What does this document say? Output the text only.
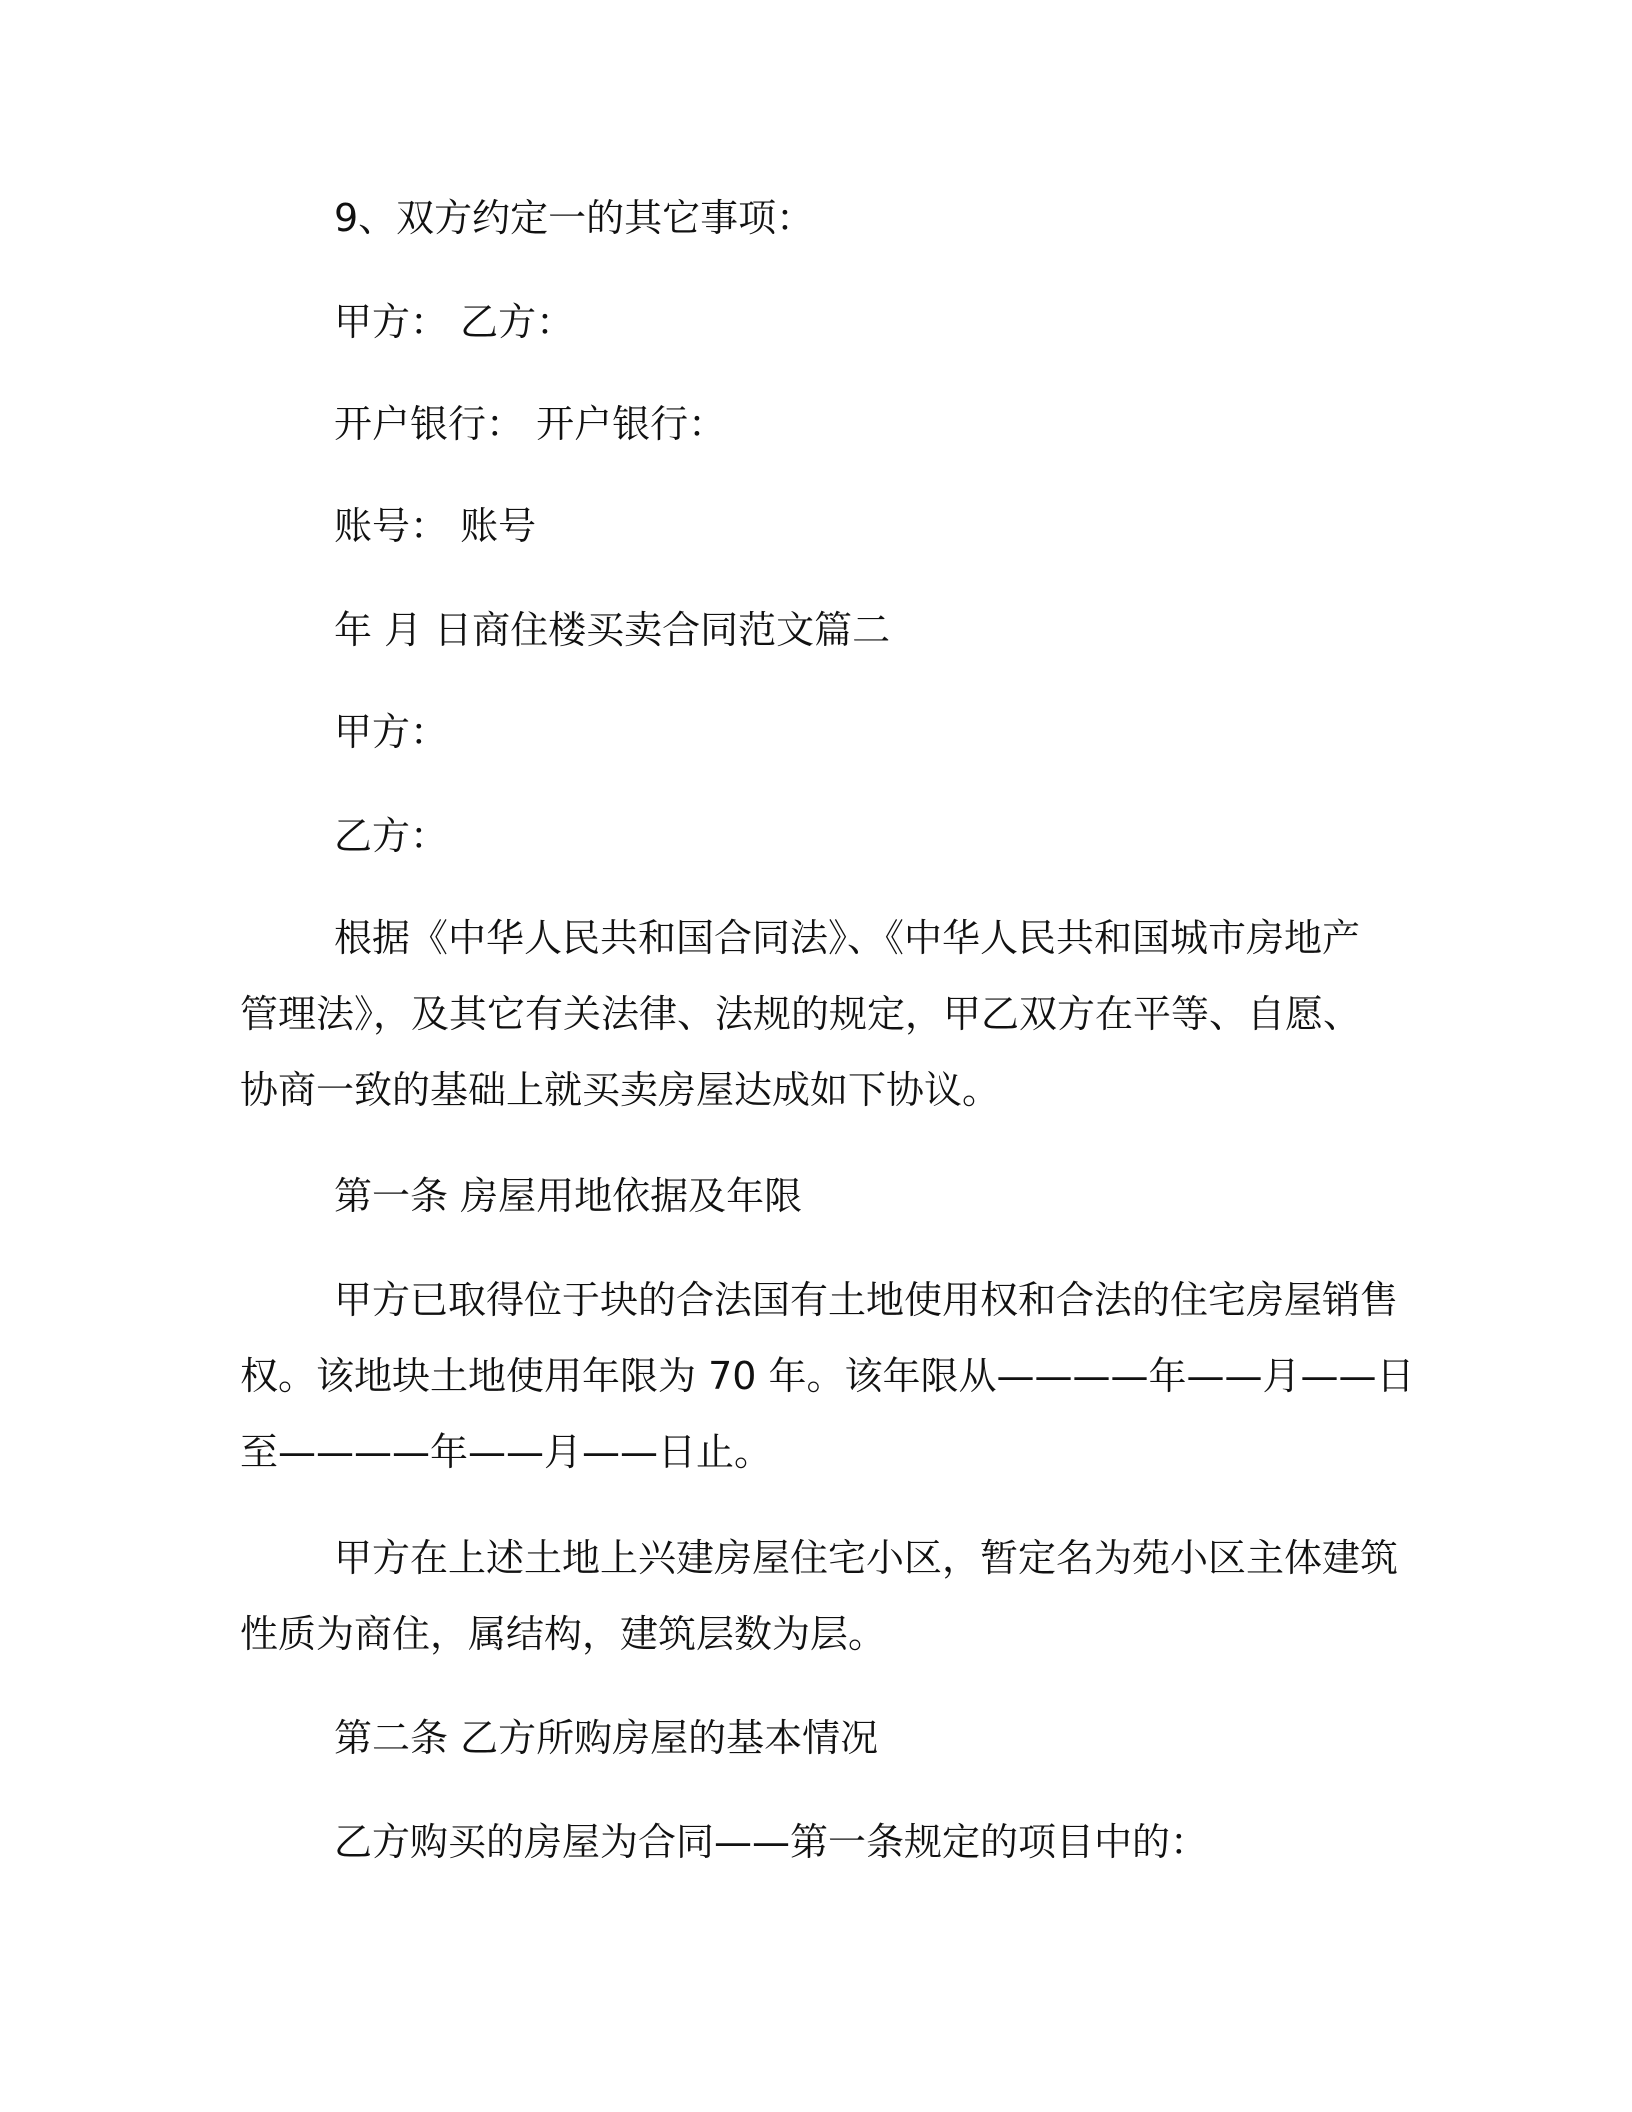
9、双方约定一的其它事项：
甲方： 乙方：
开户银行： 开户银行：
账号： 账号
年 月 日商住楼买卖合同范文篇二
甲方：
乙方：
根据《中华人民共和国合同法》、《中华人民共和国城市房地产
管理法》，及其它有关法律、法规的规定，甲乙双方在平等、自愿、
协商一致的基础上就买卖房屋达成如下协议。
第一条 房屋用地依据及年限
甲方已取得位于块的合法国有土地使用权和合法的住宅房屋销售
权。该地块土地使用年限为 70 年。该年限从————年——月——日
至————年——月——日止。
甲方在上述土地上兴建房屋住宅小区，暂定名为苑小区主体建筑
性质为商住，属结构，建筑层数为层。
第二条 乙方所购房屋的基本情况
乙方购买的房屋为合同——第一条规定的项目中的：
